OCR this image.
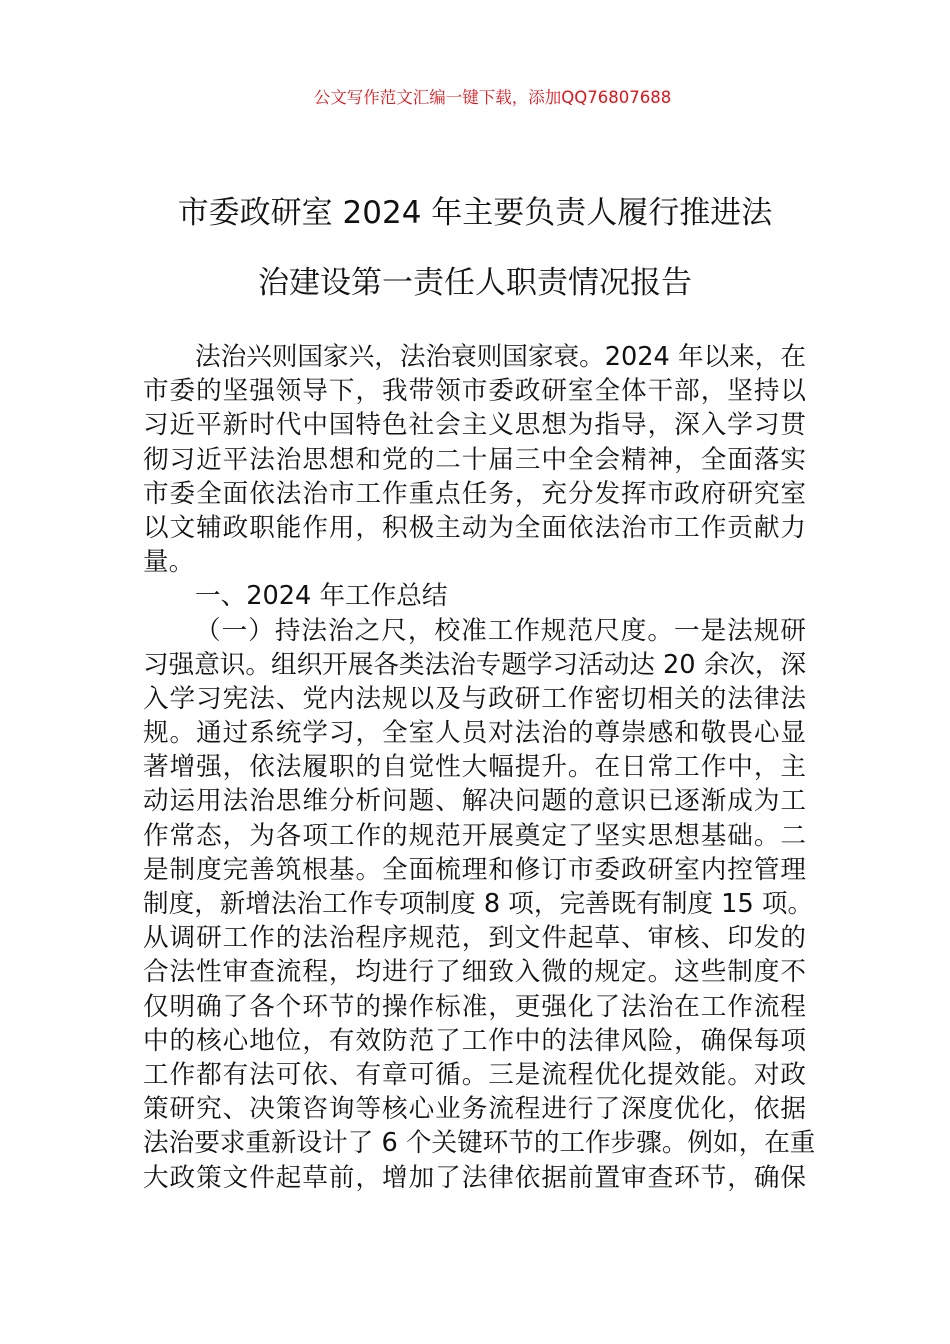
公文写作范文汇编一键下载，添加QQ76807688
市委政研室 2024 年主要负责人履行推进法
治建设第一责任人职责情况报告
法治兴则国家兴，法治衰则国家衰。2024 年以来，在
市委的坚强领导下，我带领市委政研室全体干部，坚持以
习近平新时代中国特色社会主义思想为指导，深入学习贯
彻习近平法治思想和党的二十届三中全会精神，全面落实
市委全面依法治市工作重点任务，充分发挥市政府研究室
以文辅政职能作用，积极主动为全面依法治市工作贡献力
量。
一、2024 年工作总结
（一）持法治之尺，校准工作规范尺度。一是法规研
习强意识。组织开展各类法治专题学习活动达 20 余次，深
入学习宪法、党内法规以及与政研工作密切相关的法律法
规。通过系统学习，全室人员对法治的尊崇感和敬畏心显
著增强，依法履职的自觉性大幅提升。在日常工作中，主
动运用法治思维分析问题、解决问题的意识已逐渐成为工
作常态，为各项工作的规范开展奠定了坚实思想基础。二
是制度完善筑根基。全面梳理和修订市委政研室内控管理
制度，新增法治工作专项制度 8 项，完善既有制度 15 项。
从调研工作的法治程序规范，到文件起草、审核、印发的
合法性审查流程，均进行了细致入微的规定。这些制度不
仅明确了各个环节的操作标准，更强化了法治在工作流程
中的核心地位，有效防范了工作中的法律风险，确保每项
工作都有法可依、有章可循。三是流程优化提效能。对政
策研究、决策咨询等核心业务流程进行了深度优化，依据
法治要求重新设计了 6 个关键环节的工作步骤。例如，在重
大政策文件起草前，增加了法律依据前置审查环节，确保
